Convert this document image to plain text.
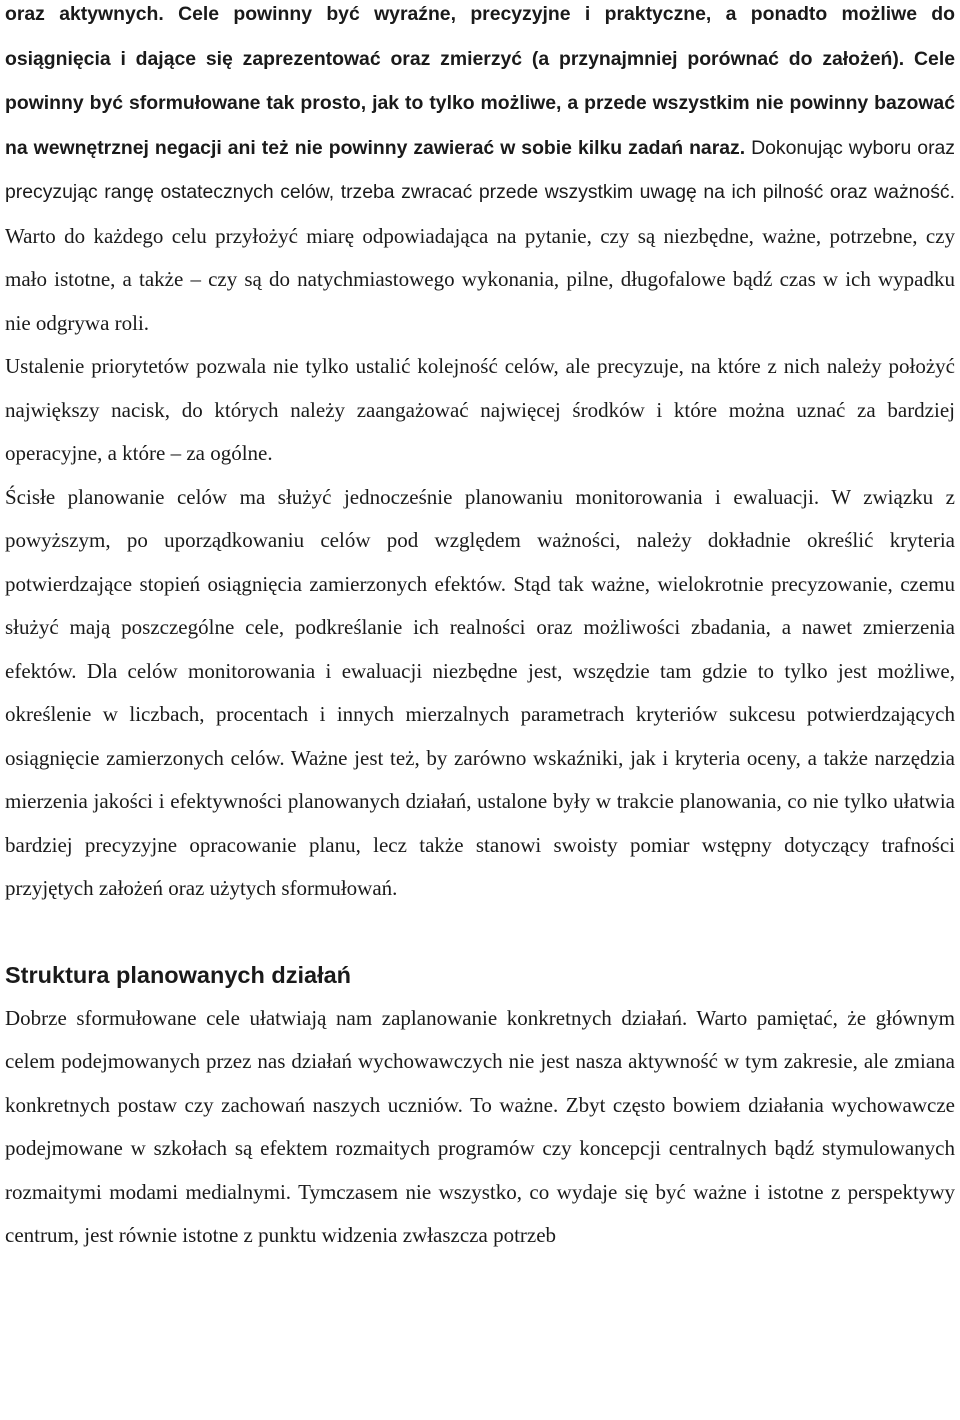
oraz aktywnych. Cele powinny być wyraźne, precyzyjne i praktyczne, a ponadto możliwe do osiągnięcia i dające się zaprezentować oraz zmierzyć (a przynajmniej porównać do założeń). Cele powinny być sformułowane tak prosto, jak to tylko możliwe, a przede wszystkim nie powinny bazować na wewnętrznej negacji ani też nie powinny zawierać w sobie kilku zadań naraz. Dokonując wyboru oraz precyzując rangę ostatecznych celów, trzeba zwracać przede wszystkim uwagę na ich pilność oraz ważność. Warto do każdego celu przyłożyć miarę odpowiadająca na pytanie, czy są niezbędne, ważne, potrzebne, czy mało istotne, a także – czy są do natychmiastowego wykonania, pilne, długofalowe bądź czas w ich wypadku nie odgrywa roli.

Ustalenie priorytetów pozwala nie tylko ustalić kolejność celów, ale precyzuje, na które z nich należy położyć największy nacisk, do których należy zaangażować najwięcej środków i które można uznać za bardziej operacyjne, a które – za ogólne.

Ścisłe planowanie celów ma służyć jednocześnie planowaniu monitorowania i ewaluacji. W związku z powyższym, po uporządkowaniu celów pod względem ważności, należy dokładnie określić kryteria potwierdzające stopień osiągnięcia zamierzonych efektów. Stąd tak ważne, wielokrotnie precyzowanie, czemu służyć mają poszczególne cele, podkreślanie ich realności oraz możliwości zbadania, a nawet zmierzenia efektów. Dla celów monitorowania i ewaluacji niezbędne jest, wszędzie tam gdzie to tylko jest możliwe, określenie w liczbach, procentach i innych mierzalnych parametrach kryteriów sukcesu potwierdzających osiągnięcie zamierzonych celów. Ważne jest też, by zarówno wskaźniki, jak i kryteria oceny, a także narzędzia mierzenia jakości i efektywności planowanych działań, ustalone były w trakcie planowania, co nie tylko ułatwia bardziej precyzyjne opracowanie planu, lecz także stanowi swoisty pomiar wstępny dotyczący trafności przyjętych założeń oraz użytych sformułowań.

Struktura planowanych działań

Dobrze sformułowane cele ułatwiają nam zaplanowanie konkretnych działań. Warto pamiętać, że głównym celem podejmowanych przez nas działań wychowawczych nie jest nasza aktywność w tym zakresie, ale zmiana konkretnych postaw czy zachowań naszych uczniów. To ważne. Zbyt często bowiem działania wychowawcze podejmowane w szkołach są efektem rozmaitych programów czy koncepcji centralnych bądź stymulowanych rozmaitymi modami medialnymi. Tymczasem nie wszystko, co wydaje się być ważne i istotne z perspektywy centrum, jest równie istotne z punktu widzenia zwłaszcza potrzeb
